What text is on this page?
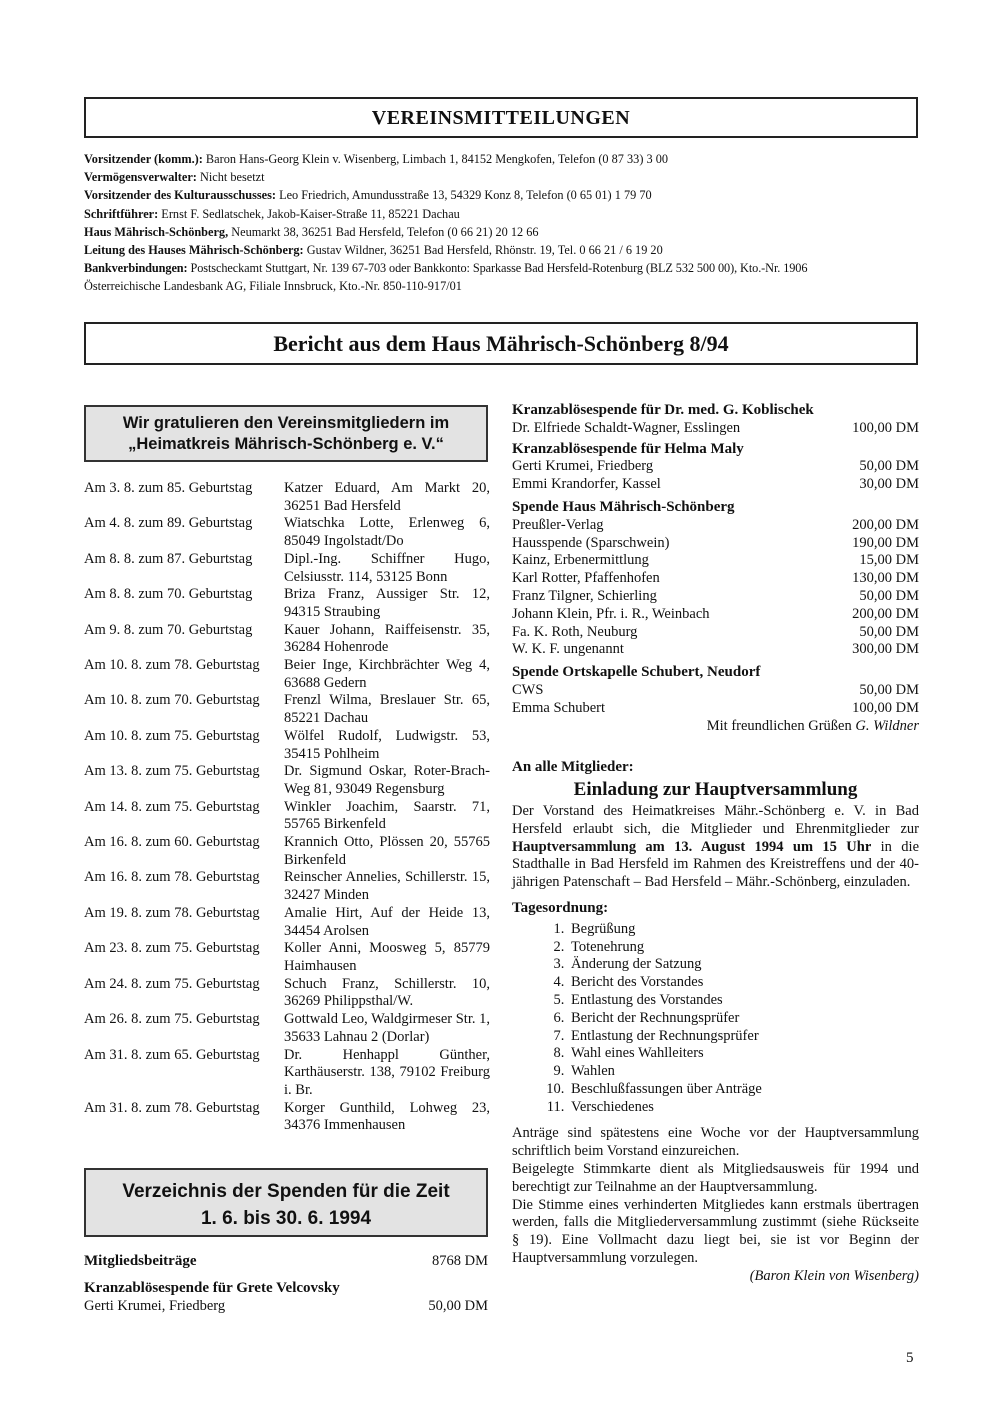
VEREINSMITTEILUNGEN
Vorsitzender (komm.): Baron Hans-Georg Klein v. Wisenberg, Limbach 1, 84152 Mengkofen, Telefon (0 87 33) 3 00
Vermögensverwalter: Nicht besetzt
Vorsitzender des Kulturausschusses: Leo Friedrich, Amundusstraße 13, 54329 Konz 8, Telefon (0 65 01) 1 79 70
Schriftführer: Ernst F. Sedlatschek, Jakob-Kaiser-Straße 11, 85221 Dachau
Haus Mährisch-Schönberg, Neumarkt 38, 36251 Bad Hersfeld, Telefon (0 66 21) 20 12 66
Leitung des Hauses Mährisch-Schönberg: Gustav Wildner, 36251 Bad Hersfeld, Rhönstr. 19, Tel. 0 66 21 / 6 19 20
Bankverbindungen: Postscheckamt Stuttgart, Nr. 139 67-703 oder Bankkonto: Sparkasse Bad Hersfeld-Rotenburg (BLZ 532 500 00), Kto.-Nr. 1906
Österreichische Landesbank AG, Filiale Innsbruck, Kto.-Nr. 850-110-917/01
Bericht aus dem Haus Mährisch-Schönberg 8/94
Wir gratulieren den Vereinsmitgliedern im
„Heimatkreis Mährisch-Schönberg e. V.“
Am 3. 8. zum 85. Geburtstag	Katzer Eduard, Am Markt 20, 36251 Bad Hersfeld
Am 4. 8. zum 89. Geburtstag	Wiatschka Lotte, Erlenweg 6, 85049 Ingolstadt/Do
Am 8. 8. zum 87. Geburtstag	Dipl.-Ing. Schiffner Hugo, Celsiusstr. 114, 53125 Bonn
Am 8. 8. zum 70. Geburtstag	Briza Franz, Aussiger Str. 12, 94315 Straubing
Am 9. 8. zum 70. Geburtstag	Kauer Johann, Raiffeisenstr. 35, 36284 Hohenrode
Am 10. 8. zum 78. Geburtstag	Beier Inge, Kirchbrächter Weg 4, 63688 Gedern
Am 10. 8. zum 70. Geburtstag	Frenzl Wilma, Breslauer Str. 65, 85221 Dachau
Am 10. 8. zum 75. Geburtstag	Wölfel Rudolf, Ludwigstr. 53, 35415 Pohlheim
Am 13. 8. zum 75. Geburtstag	Dr. Sigmund Oskar, Roter-Brach-Weg 81, 93049 Regensburg
Am 14. 8. zum 75. Geburtstag	Winkler Joachim, Saarstr. 71, 55765 Birkenfeld
Am 16. 8. zum 60. Geburtstag	Krannich Otto, Plössen 20, 55765 Birkenfeld
Am 16. 8. zum 78. Geburtstag	Reinscher Annelies, Schillerstr. 15, 32427 Minden
Am 19. 8. zum 78. Geburtstag	Amalie Hirt, Auf der Heide 13, 34454 Arolsen
Am 23. 8. zum 75. Geburtstag	Koller Anni, Moosweg 5, 85779 Haimhausen
Am 24. 8. zum 75. Geburtstag	Schuch Franz, Schillerstr. 10, 36269 Philippsthal/W.
Am 26. 8. zum 75. Geburtstag	Gottwald Leo, Waldgirmeser Str. 1, 35633 Lahnau 2 (Dorlar)
Am 31. 8. zum 65. Geburtstag	Dr. Henhappl Günther, Karthäuserstr. 138, 79102 Freiburg i. Br.
Am 31. 8. zum 78. Geburtstag	Korger Gunthild, Lohweg 23, 34376 Immenhausen
Verzeichnis der Spenden für die Zeit
1. 6. bis 30. 6. 1994
Mitgliedsbeiträge	8768 DM
Kranzablösespende für Grete Velcovsky
Gerti Krumei, Friedberg	50,00 DM
Kranzablösespende für Dr. med. G. Koblischek
Dr. Elfriede Schaldt-Wagner, Esslingen	100,00 DM
Kranzablösespende für Helma Maly
Gerti Krumei, Friedberg	50,00 DM
Emmi Krandorfer, Kassel	30,00 DM
Spende Haus Mährisch-Schönberg
Preußler-Verlag	200,00 DM
Hausspende (Sparschwein)	190,00 DM
Kainz, Erbenermittlung	15,00 DM
Karl Rotter, Pfaffenhofen	130,00 DM
Franz Tilgner, Schierling	50,00 DM
Johann Klein, Pfr. i. R., Weinbach	200,00 DM
Fa. K. Roth, Neuburg	50,00 DM
W. K. F. ungenannt	300,00 DM
Spende Ortskapelle Schubert, Neudorf
CWS	50,00 DM
Emma Schubert	100,00 DM
Mit freundlichen Grüßen G. Wildner
An alle Mitglieder:
Einladung zur Hauptversammlung
Der Vorstand des Heimatkreises Mähr.-Schönberg e. V. in Bad Hersfeld erlaubt sich, die Mitglieder und Ehrenmitglieder zur Hauptversammlung am 13. August 1994 um 15 Uhr in die Stadthalle in Bad Hersfeld im Rahmen des Kreistreffens und der 40-jährigen Patenschaft – Bad Hersfeld – Mähr.-Schönberg, einzuladen.
Tagesordnung:
1. Begrüßung
2. Totenehrung
3. Änderung der Satzung
4. Bericht des Vorstandes
5. Entlastung des Vorstandes
6. Bericht der Rechnungsprüfer
7. Entlastung der Rechnungsprüfer
8. Wahl eines Wahlleiters
9. Wahlen
10. Beschlußfassungen über Anträge
11. Verschiedenes
Anträge sind spätestens eine Woche vor der Hauptversammlung schriftlich beim Vorstand einzureichen.
Beigelegte Stimmkarte dient als Mitgliedsausweis für 1994 und berechtigt zur Teilnahme an der Hauptversammlung.
Die Stimme eines verhinderten Mitgliedes kann erstmals übertragen werden, falls die Mitgliederversammlung zustimmt (siehe Rückseite § 19). Eine Vollmacht dazu liegt bei, sie ist vor Beginn der Hauptversammlung vorzulegen.
(Baron Klein von Wisenberg)
5
